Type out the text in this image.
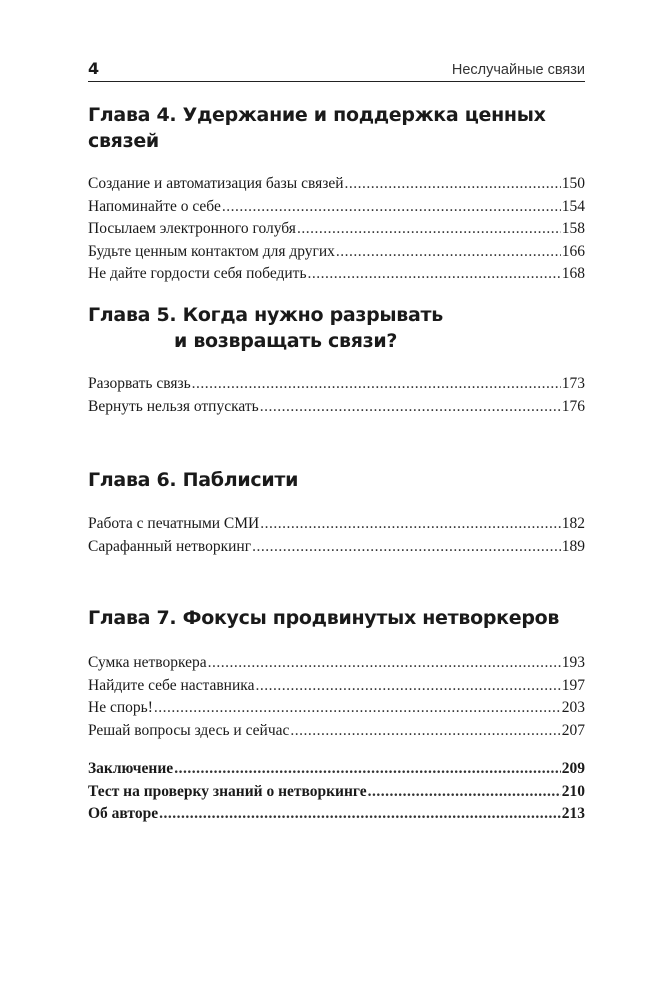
4	Неслучайные связи
Глава 4. Удержание и поддержка ценных связей
Создание и автоматизация базы связей .....	150
Напоминайте о себе .....	154
Посылаем электронного голубя .....	158
Будьте ценным контактом для других .....	166
Не дайте гордости себя победить .....	168
Глава 5. Когда нужно разрывать
и возвращать связи?
Разорвать связь .....	173
Вернуть нельзя отпускать .....	176
Глава 6. Паблисити
Работа с печатными СМИ .....	182
Сарафанный нетворкинг .....	189
Глава 7. Фокусы продвинутых нетворкеров
Сумка нетворкера .....	193
Найдите себе наставника .....	197
Не спорь! .....	203
Решай вопросы здесь и сейчас .....	207
Заключение .....	209
Тест на проверку знаний о нетворкинге .....	210
Об авторе .....	213
